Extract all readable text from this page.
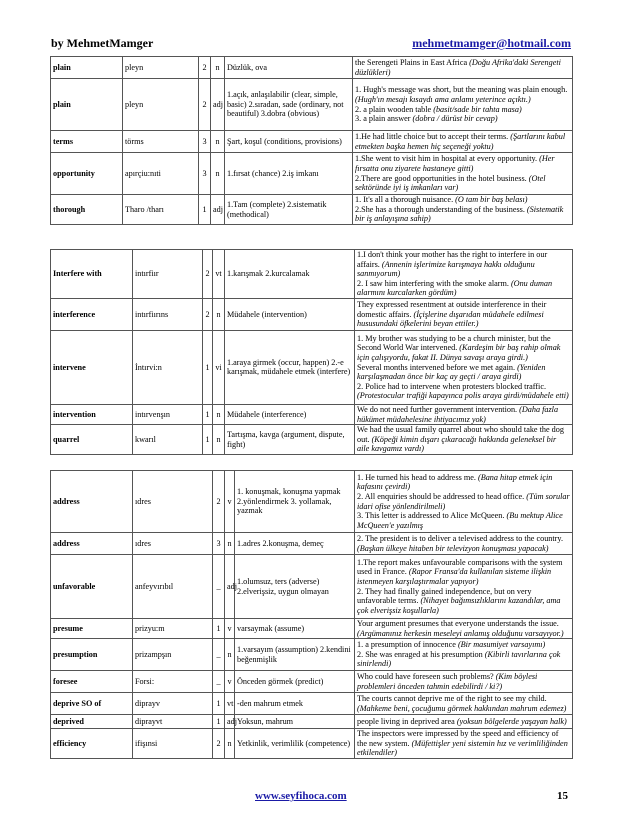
by MehmetMamger	mehmetmamger@hotmail.com
plain	pleyn	2	n	Düzlük, ova	the Serengeti Plains in East Africa (Doğu Afrika'daki Serengeti düzlükleri)

plain	pleyn	2	adj	1.açık, anlaşılabilir (clear, simple, basic) 2.sıradan, sade (ordinary, not beautiful) 3.dobra (obvious)	1. Hugh's message was short, but the meaning was plain enough. (Hugh'ın mesajı kısaydı ama anlamı yeterince açıktı.)
2. a plain wooden table (basit/sade bir tahta masa)
3. a plain answer (dobra / dürüst bir cevap)

terms	törms	3	n	Şart, koşul (conditions, provisions)	1.He had little choice but to accept their terms. (Şartlarını kabul etmekten başka hemen hiç seçeneği yoktu)

opportunity	apırçiu:nıti	3	n	1.fırsat (chance) 2.iş imkanı	1.She went to visit him in hospital at every opportunity. (Her fırsatta onu ziyarete hastaneye gitti)
2.There are good opportunities in the hotel business. (Otel sektöründe iyi iş imkanları var)

thorough	Tharo /tharı	1	adj	1.Tam (complete) 2.sistematik (methodical)	1. It's all a thorough nuisance. (O tam bir baş belası)
2.She has a thorough understanding of the business. (Sistematik bir iş anlayışına sahip)
Interfere with	intırfiır	2	vt	1.karışmak 2.kurcalamak	1.I don't think your mother has the right to interfere in our affairs. (Annenin işlerimize karışmaya hakkı olduğunu sanmıyorum)
2. I saw him interfering with the smoke alarm. (Onu duman alarmını kurcalarken gördüm)

interference	intırfiırıns	2	n	Müdahele (intervention)	They expressed resentment at outside interference in their domestic affairs. (İçişlerine dışarıdan müdahele edilmesi hususundaki öfkelerini beyan ettiler.)

intervene	İntırvi:n	1	vi	1.araya girmek (occur, happen) 2.-e karışmak, müdahele etmek (interfere)	1. My brother was studying to be a church minister, but the Second World War intervened. (Kardeşim bir baş rahip olmak için çalışıyordu, fakat II. Dünya savaşı araya girdi.)
Several months intervened before we met again. (Yeniden karşılaşmadan önce bir kaç ay geçti / araya girdi)
2. Police had to intervene when protesters blocked traffic. (Protestocular trafiği kapayınca polis araya girdi/müdahele etti)

intervention	intırvenşın	1	n	Müdahele (interference)	We do not need further government intervention. (Daha fazla hükümet müdahelesine ihtiyacımız yok)

quarrel	kwarıl	1	n	Tartışma, kavga (argument, dispute, fight)	We had the usual family quarrel about who should take the dog out. (Köpeği kimin dışarı çıkaracağı hakkında geleneksel bir aile kavgamız vardı)
address	ıdres	2	v	1. konuşmak, konuşma yapmak 2.yönlendirmek 3. yollamak, yazmak	1. He turned his head to address me. (Bana hitap etmek için kafasını çevirdi)
2. All enquiries should be addressed to head office. (Tüm sorular idari ofise yönlendirilmeli)
3. This letter is addressed to Alice McQueen. (Bu mektup Alice McQueen'e yazılmış

address	ıdres	3	n	1.adres 2.konuşma, demeç	2. The president is to deliver a televised address to the country. (Başkan ülkeye hitaben bir televizyon konuşması yapacak)

unfavorable	anfeyvırıbıl	_	adj	1.olumsuz, ters (adverse) 2.elverişsiz, uygun olmayan	1.The report makes unfavourable comparisons with the system used in France. (Rapor Fransa'da kullanılan sisteme ilişkin istenmeyen karşılaştırmalar yapıyor)
2. They had finally gained independence, but on very unfavorable terms. (Nihayet bağımsızlıklarını kazandılar, ama çok elverişsiz koşullarla)

presume	prizyu:m	1	v	varsaymak (assume)	Your argument presumes that everyone understands the issue. (Argümanınız herkesin meseleyi anlamış olduğunu varsayıyor.)

presumption	prizampşın	_	n	1.varsayım (assumption) 2.kendini beğenmişlik	1. a presumption of innocence (Bir masumiyet varsayımı)
2. She was enraged at his presumption (Kibirli tavırlarına çok sinirlendi)

foresee	Forsi:	_	v	Önceden görmek (predict)	Who could have foreseen such problems? (Kim böylesi problemleri önceden tahmin edebilirdi / ki?)

deprive SO of	diprayv	1	vt	-den mahrum etmek	The courts cannot deprive me of the right to see my child. (Mahkeme beni, çocuğumu görmek hakkından mahrum edemez)

deprived	diprayvt	1	adj	Yoksun, mahrum	people living in deprived area (yoksun bölgelerde yaşayan halk)

efficiency	ifişınsi	2	n	Yetkinlik, verimlilik (competence)	The inspectors were impressed by the speed and efficiency of the new system. (Müfettişler yeni sistemin hız ve verimliliğinden etkilendiler)
www.seyfihoca.com	15
